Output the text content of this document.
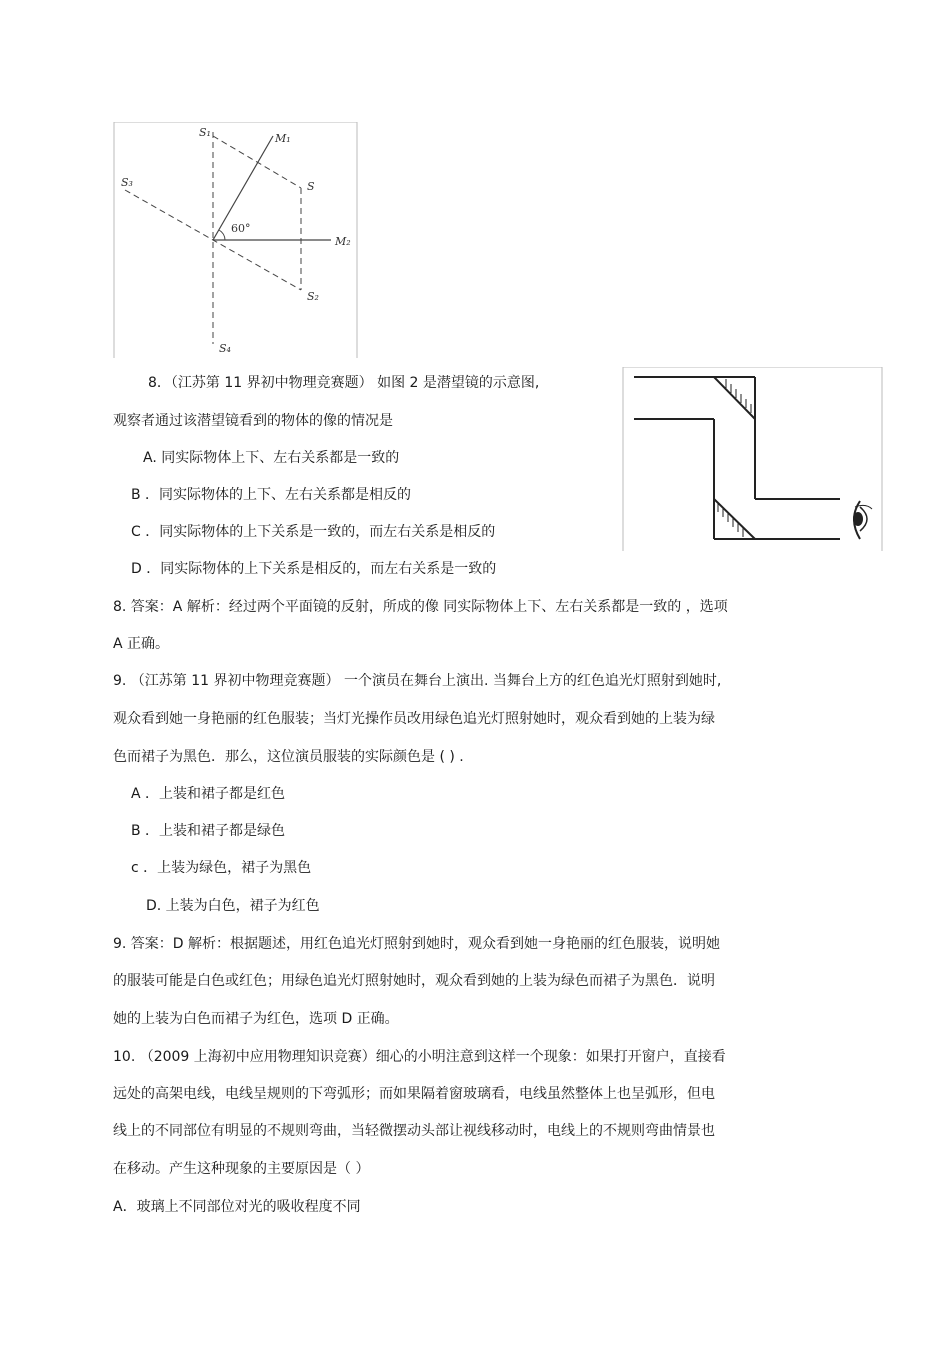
S₁	M₁
S
S₃
60°
M₂
S₂
S₄
8．（江苏第 11 界初中物理竞赛题） 如图 2 是潜望镜的示意图,
观察者通过该潜望镜看到的物体的像的情况是
A. 同实际物体上下、左右关系都是一致的
B ．同实际物体的上下、左右关系都是相反的
C ．同实际物体的上下关系是一致的，而左右关系是相反的
D ．同实际物体的上下关系是相反的，而左右关系是一致的
8. 答案：A 解析：经过两个平面镜的反射，所成的像 同实际物体上下、左右关系都是一致的 ，选项
A 正确。
9. （江苏第 11 界初中物理竞赛题） 一个演员在舞台上演出. 当舞台上方的红色追光灯照射到她时,
观众看到她一身艳丽的红色服装；当灯光操作员改用绿色追光灯照射她时，观众看到她的上装为绿
色而裙子为黑色．那么，这位演员服装的实际颜色是 ( ) .
A ．上装和裙子都是红色
B ．上装和裙子都是绿色
c ．上装为绿色，裙子为黑色
D. 上装为白色，裙子为红色
9. 答案：D 解析：根据题述，用红色追光灯照射到她时，观众看到她一身艳丽的红色服装，说明她
的服装可能是白色或红色；用绿色追光灯照射她时，观众看到她的上装为绿色而裙子为黑色．说明
她的上装为白色而裙子为红色，选项 D 正确。
10. （2009 上海初中应用物理知识竞赛）细心的小明注意到这样一个现象：如果打开窗户，直接看
远处的高架电线，电线呈规则的下弯弧形；而如果隔着窗玻璃看，电线虽然整体上也呈弧形，但电
线上的不同部位有明显的不规则弯曲，当轻微摆动头部让视线移动时，电线上的不规则弯曲情景也
在移动。产生这种现象的主要原因是（ ）
A．玻璃上不同部位对光的吸收程度不同
